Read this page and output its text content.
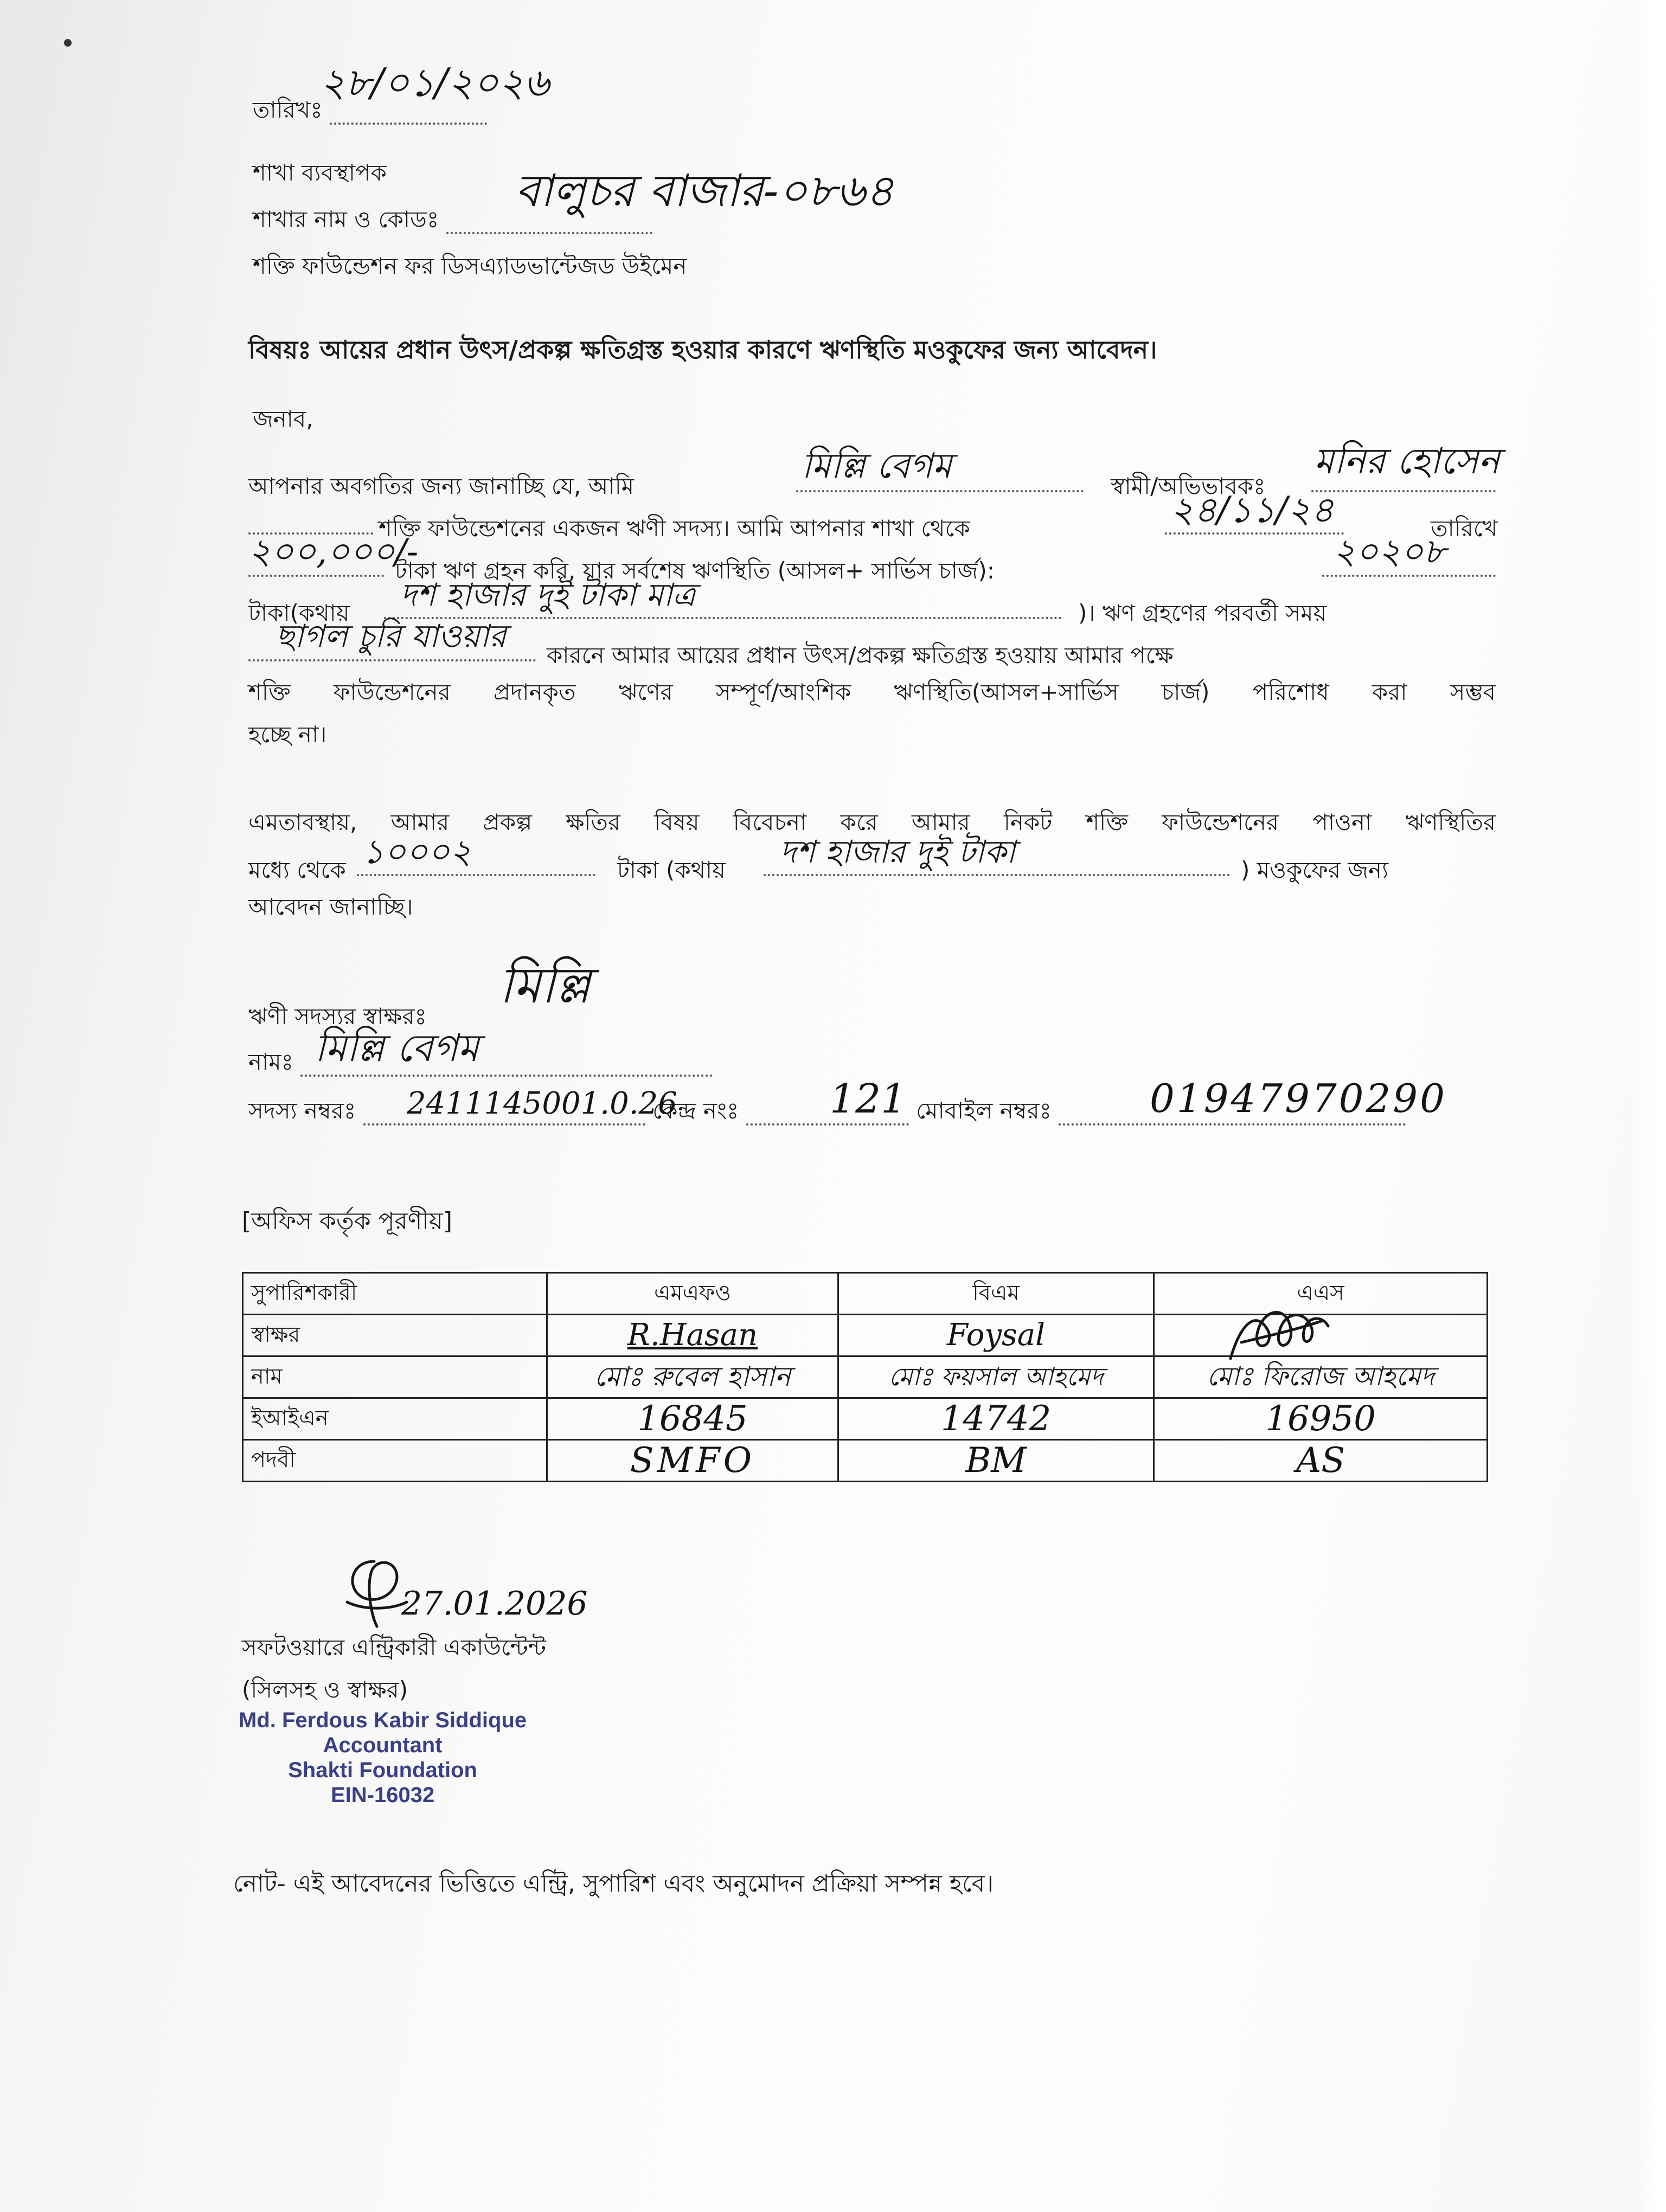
তারিখঃ
২৮/০১/২০২৬
শাখা ব্যবস্থাপক
শাখার নাম ও কোডঃ
বালুচর বাজার-০৮৬৪
শক্তি ফাউন্ডেশন ফর ডিসএ্যাডভান্টেজড উইমেন
বিষয়ঃ আয়ের প্রধান উৎস/প্রকল্প ক্ষতিগ্রস্ত হওয়ার কারণে ঋণস্থিতি মওকুফের জন্য আবেদন।
জনাব,
আপনার অবগতির জন্য জানাচ্ছি যে, আমি	মিল্লি বেগম	স্বামী/অভিভাবকঃ
মনির হোসেন
শক্তি ফাউন্ডেশনের একজন ঋণী সদস্য। আমি আপনার শাখা থেকে	২৪/১১/২৪	তারিখে
২০০,০০০/-
টাকা ঋণ গ্রহন করি, যার সর্বশেষ ঋণস্থিতি (আসল+ সার্ভিস চার্জ):	২০২০৮
টাকা(কথায় দশ হাজার দুই টাকা মাত্র	)। ঋণ গ্রহণের পরবর্তী সময়
ছাগল চুরি যাওয়ার
কারনে আমার আয়ের প্রধান উৎস/প্রকল্প ক্ষতিগ্রস্ত হওয়ায় আমার পক্ষে
শক্তি ফাউন্ডেশনের প্রদানকৃত ঋণের সম্পূর্ণ/আংশিক ঋণস্থিতি(আসল+সার্ভিস চার্জ) পরিশোধ করা সম্ভব
হচ্ছে না।
এমতাবস্থায়, আমার প্রকল্প ক্ষতির বিষয় বিবেচনা করে আমার নিকট শক্তি ফাউন্ডেশনের পাওনা ঋণস্থিতির
মধ্যে থেকে ১০০০২	টাকা (কথায় দশ হাজার দুই টাকা	) মওকুফের জন্য
আবেদন জানাচ্ছি।
ঋণী সদস্যর স্বাক্ষরঃ
মিল্লি
নামঃ মিল্লি বেগম
সদস্য নম্বরঃ	কেন্দ্র নংঃ	মোবাইল নম্বরঃ
2411145001.0.26	121	01947970290
[অফিস কর্তৃক পূরণীয়]
সুপারিশকারী	এমএফও	বিএম	এএস
স্বাক্ষর	R.Hasan	Foysal	

নাম	মোঃ রুবেল হাসান	মোঃ ফয়সাল আহমেদ	মোঃ ফিরোজ আহমেদ
ইআইএন	16845	14742	16950
পদবী	SMFO	BM	AS
27.01.2026
সফটওয়ারে এন্ট্রিকারী একাউন্টেন্ট
(সিলসহ ও স্বাক্ষর)
Md. Ferdous Kabir Siddique
Accountant
Shakti Foundation
EIN-16032
নোট- এই আবেদনের ভিত্তিতে এন্ট্রি, সুপারিশ এবং অনুমোদন প্রক্রিয়া সম্পন্ন হবে।
